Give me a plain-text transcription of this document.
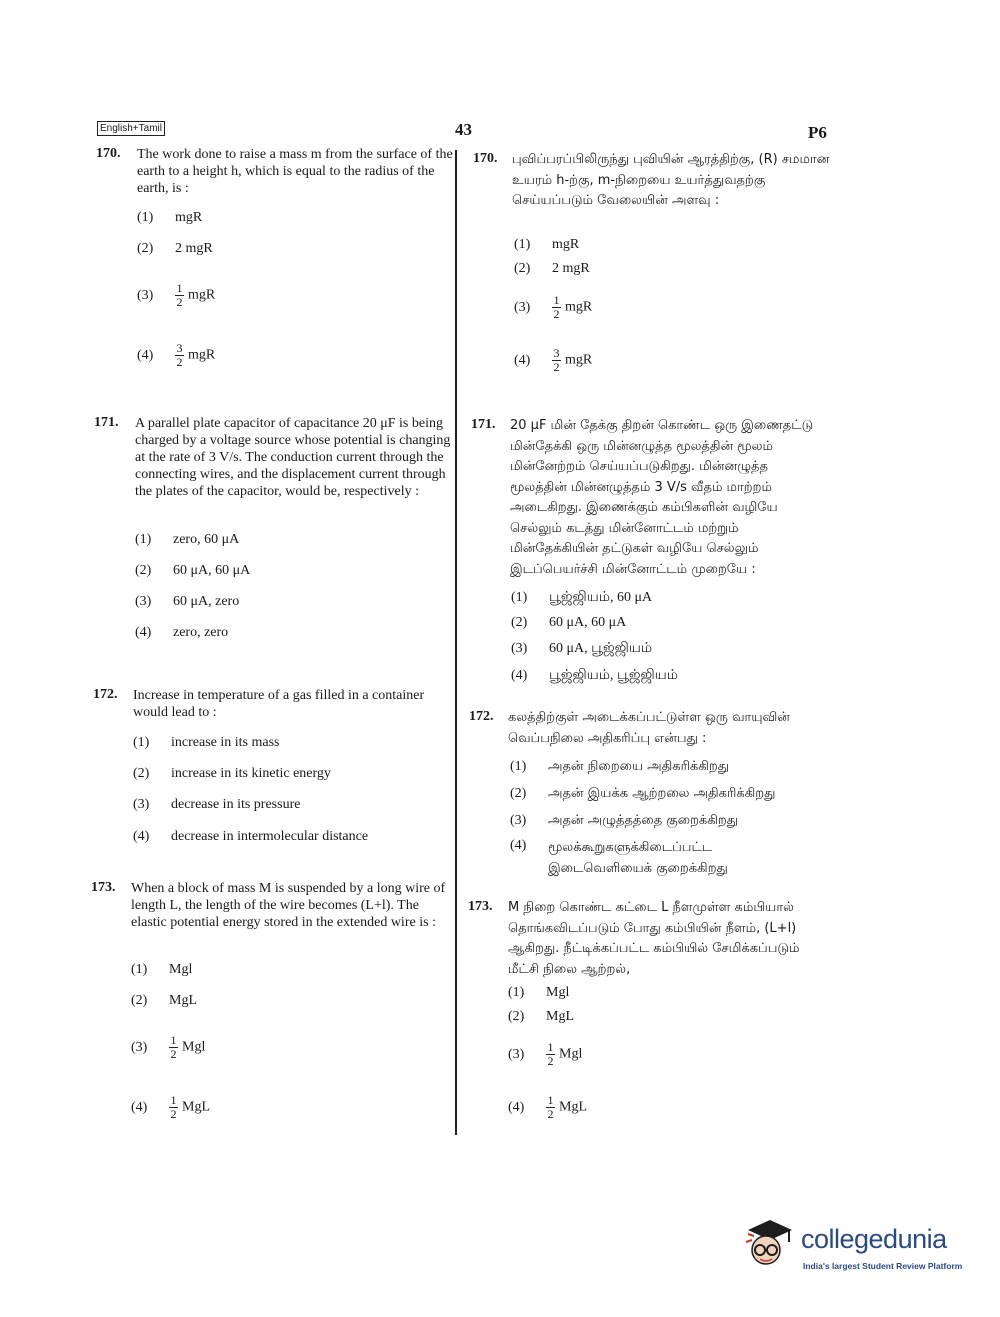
English+Tamil	43	P6
170. The work done to raise a mass m from the surface of the earth to a height h, which is equal to the radius of the earth, is :
(1) mgR
(2) 2 mgR
$(3) \frac{1}{2}$ mgR
$(4) \frac{3}{2}$ mgR
171. A parallel plate capacitor of capacitance 20 μF is being charged by a voltage source whose potential is changing at the rate of 3 V/s. The conduction current through the connecting wires, and the displacement current through the plates of the capacitor, would be, respectively :
(1) zero, 60 μA
(2) 60 μA, 60 μA
(3) 60 μA, zero
(4) zero, zero
172. Increase in temperature of a gas filled in a container would lead to :
(1) increase in its mass
(2) increase in its kinetic energy
(3) decrease in its pressure
(4) decrease in intermolecular distance
173. When a block of mass M is suspended by a long wire of length L, the length of the wire becomes (L+l). The elastic potential energy stored in the extended wire is :
(1) Mgl
(2) MgL
$(3) \frac{1}{2}$ Mgl
$(4) \frac{1}{2}$ MgL
170. புவிப்பரப்பிலிருந்து புவியின் ஆரத்திற்கு, (R) சமமான உயரம் h-ற்கு, m-நிறையை உயர்த்துவதற்கு செய்யப்படும் வேலையின் அளவு :
(1) mgR
(2) 2 mgR
$(3) \frac{1}{2}$ mgR
$(4) \frac{3}{2}$ mgR
171. 20 μF மின் தேக்கு திறன் கொண்ட ஒரு இணைதட்டு மின்தேக்கி ஒரு மின்னழுத்த மூலத்தின் மூலம் மின்னேற்றம் செய்யப்படுகிறது. மின்னழுத்த மூலத்தின் மின்னழுத்தம் 3 V/s வீதம் மாற்றம் அடைகிறது. இணைக்கும் கம்பிகளின் வழியே செல்லும் கடத்து மின்னோட்டம் மற்றும் மின்தேக்கியின் தட்டுகள் வழியே செல்லும் இடப்பெயர்ச்சி மின்னோட்டம் முறையே :
(1) பூஜ்ஜியம், 60 μA
(2) 60 μA, 60 μA
(3) 60 μA, பூஜ்ஜியம்
(4) பூஜ்ஜியம், பூஜ்ஜியம்
172. கலத்திற்குள் அடைக்கப்பட்டுள்ள ஒரு வாயுவின் வெப்பநிலை அதிகரிப்பு என்பது :
(1) அதன் நிறையை அதிகரிக்கிறது
(2) அதன் இயக்க ஆற்றலை அதிகரிக்கிறது
(3) அதன் அழுத்தத்தை குறைக்கிறது
(4)	மூலக்கூறுகளுக்கிடைப்பட்ட இடைவெளியைக் குறைக்கிறது
173. M நிறை கொண்ட கட்டை L நீளமுள்ள கம்பியால் தொங்கவிடப்படும் போது கம்பியின் நீளம், (L+l) ஆகிறது. நீட்டிக்கப்பட்ட கம்பியில் சேமிக்கப்படும் மீட்சி நிலை ஆற்றல்,
(1) Mgl
(2) MgL
$(3) \frac{1}{2}$ Mgl
$(4) \frac{1}{2}$ MgL
collegedunia
India's largest Student Review Platform
